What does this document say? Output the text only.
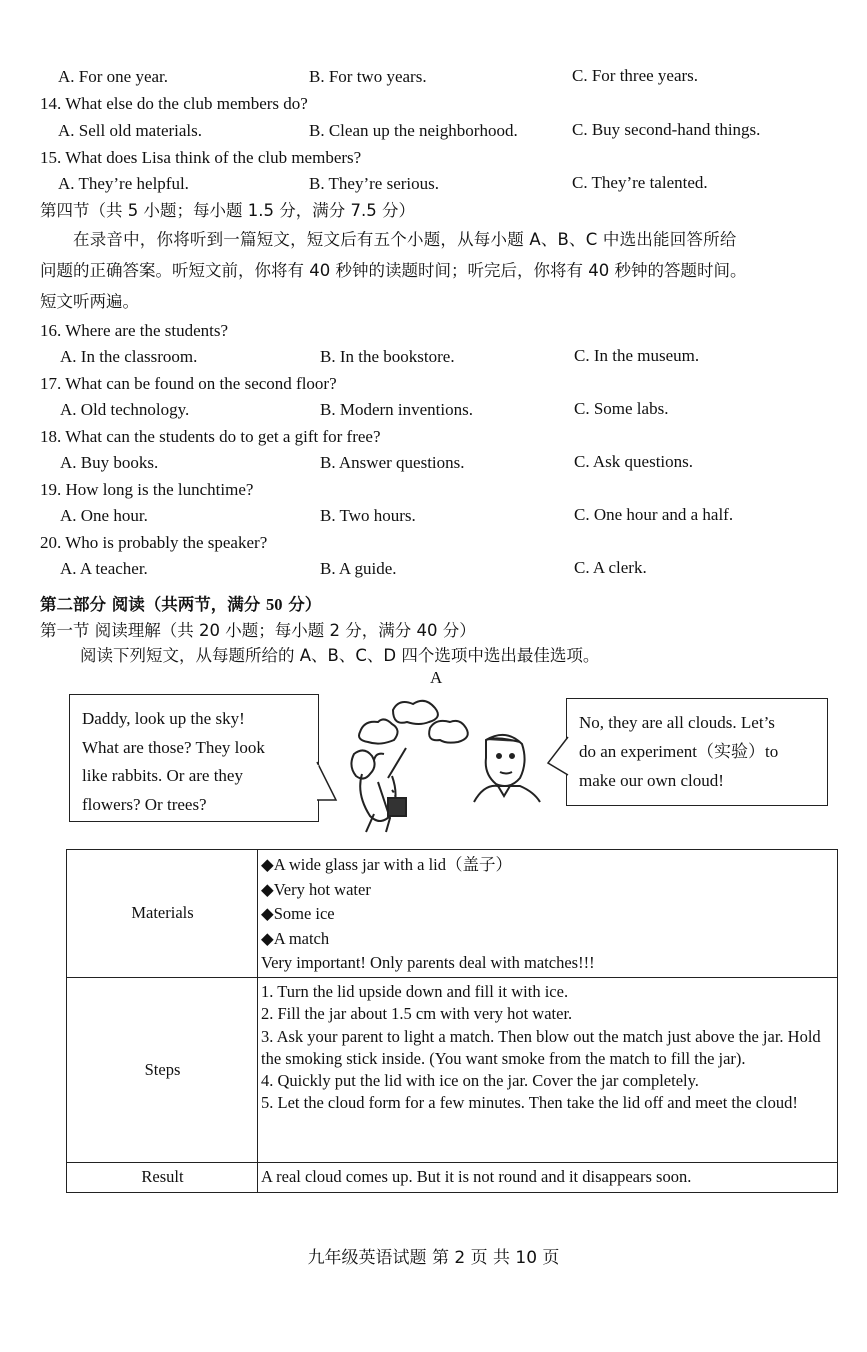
A. For one year.	B. For two years.	C. For three years.
14. What else do the club members do?
A. Sell old materials.	B. Clean up the neighborhood.	C. Buy second-hand things.
15. What does Lisa think of the club members?
A. They’re helpful.	B. They’re serious.	C. They’re talented.
第四节（共 5 小题；每小题 1.5 分，满分 7.5 分）
在录音中，你将听到一篇短文，短文后有五个小题，从每小题 A、B、C 中选出能回答所给
问题的正确答案。听短文前，你将有 40 秒钟的读题时间；听完后，你将有 40 秒钟的答题时间。
短文听两遍。
16. Where are the students?
A. In the classroom.	B. In the bookstore.	C. In the museum.
17. What can be found on the second floor?
A. Old technology.	B. Modern inventions.	C. Some labs.
18. What can the students do to get a gift for free?
A. Buy books.	B. Answer questions.	C. Ask questions.
19. How long is the lunchtime?
A. One hour.	B. Two hours.	C. One hour and a half.
20. Who is probably the speaker?
A. A teacher.	B. A guide.	C. A clerk.
第二部分 阅读（共两节，满分 50 分）
第一节 阅读理解（共 20 小题；每小题 2 分，满分 40 分）
阅读下列短文，从每题所给的 A、B、C、D 四个选项中选出最佳选项。
A
Daddy, look up the sky!
What are those? They look
like rabbits. Or are they
flowers? Or trees?
No, they are all clouds. Let’s
do an experiment（实验）to
make our own cloud!
Materials	◆A wide glass jar with a lid（盖子）
◆Very hot water
◆Some ice
◆A match
Very important! Only parents deal with matches!!!

Steps	1. Turn the lid upside down and fill it with ice.
2. Fill the jar about 1.5 cm with very hot water.
3. Ask your parent to light a match. Then blow out the match just above the jar. Hold the smoking stick inside. (You want smoke from the match to fill the jar).
4. Quickly put the lid with ice on the jar. Cover the jar completely.
5. Let the cloud form for a few minutes. Then take the lid off and meet the cloud!

Result	A real cloud comes up. But it is not round and it disappears soon.
九年级英语试题 第 2 页 共 10 页
